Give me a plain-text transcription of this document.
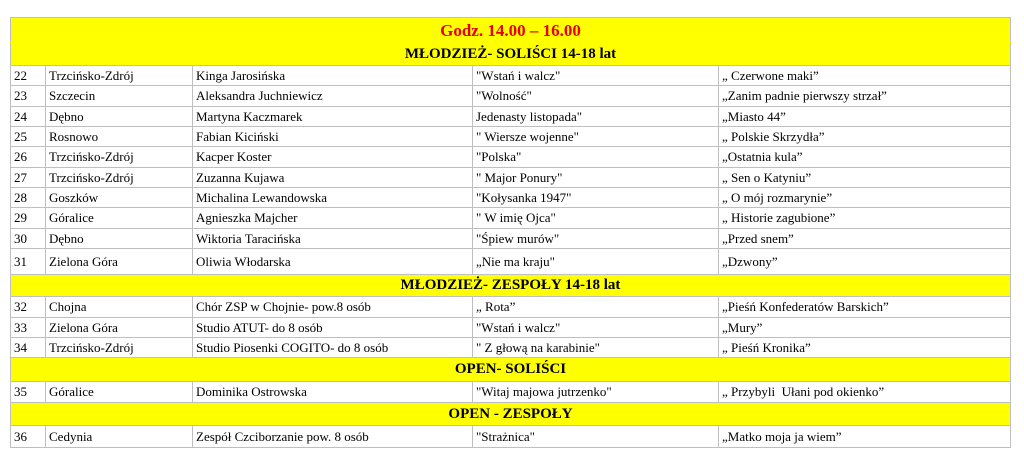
Godz. 14.00 – 16.00				
MŁODZIEŻ- SOLIŚCI 14-18 lat				
22	Trzcińsko-Zdrój	Kinga Jarosińska	"Wstań i walcz"	„ Czerwone maki”
23	Szczecin	Aleksandra Juchniewicz	"Wolność"	„Zanim padnie pierwszy strzał”
24	Dębno	Martyna Kaczmarek	Jedenasty listopada"	„Miasto 44”
25	Rosnowo	Fabian Kiciński	" Wiersze wojenne"	„ Polskie Skrzydła”
26	Trzcińsko-Zdrój	Kacper Koster	"Polska"	„Ostatnia kula”
27	Trzcińsko-Zdrój	Zuzanna Kujawa	" Major Ponury"	„ Sen o Katyniu”
28	Goszków	Michalina Lewandowska	"Kołysanka 1947"	„ O mój rozmarynie”
29	Góralice	Agnieszka Majcher	" W imię Ojca"	„ Historie zagubione”
30	Dębno	Wiktoria Taracińska	"Śpiew murów"	„Przed snem”
31	Zielona Góra	Oliwia Włodarska	„Nie ma kraju"	„Dzwony”
MŁODZIEŻ- ZESPOŁY 14-18 lat				
32	Chojna	Chór ZSP w Chojnie- pow.8 osób	„ Rota”	„Pieśń Konfederatów Barskich”
33	Zielona Góra	Studio ATUT- do 8 osób	"Wstań i walcz"	„Mury”
34	Trzcińsko-Zdrój	Studio Piosenki COGITO- do 8 osób	" Z głową na karabinie"	„ Pieśń Kronika”
OPEN- SOLIŚCI				
35	Góralice	Dominika Ostrowska	"Witaj majowa jutrzenko"	„ Przybyli  Ułani pod okienko”
OPEN - ZESPOŁY				
36	Cedynia	Zespół Czciborzanie pow. 8 osób	"Strażnica"	„Matko moja ja wiem”
